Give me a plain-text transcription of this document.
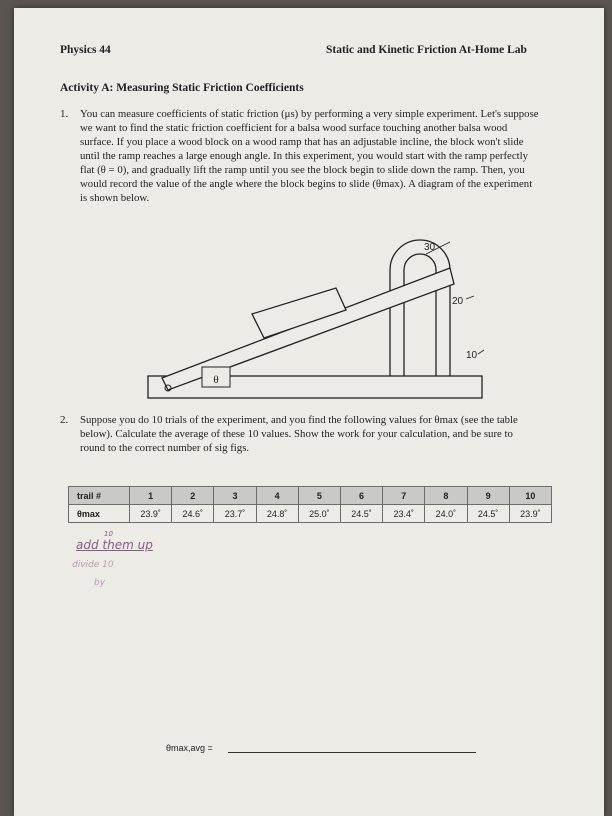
Physics 44	Static and Kinetic Friction At-Home Lab
Activity A: Measuring Static Friction Coefficients
1. You can measure coefficients of static friction (μs) by performing a very simple experiment. Let's suppose we want to find the static friction coefficient for a balsa wood surface touching another balsa wood surface. If you place a wood block on a wood ramp that has an adjustable incline, the block won't slide until the ramp reaches a large enough angle. In this experiment, you would start with the ramp perfectly flat (θ = 0), and gradually lift the ramp until you see the block begin to slide down the ramp. Then, you would record the value of the angle where the block begins to slide (θmax). A diagram of the experiment is shown below.

θ
30
20
10
2. Suppose you do 10 trials of the experiment, and you find the following values for θmax (see the table below). Calculate the average of these 10 values. Show the work for your calculation, and be sure to round to the correct number of sig figs.

trail #	1	2	3	4	5	6	7	8	9	10
θmax	23.9˚	24.6˚	23.7˚	24.8˚	25.0˚	24.5˚	23.4˚	24.0˚	24.5˚	23.9˚
add them up
10
divide 10
by
θmax,avg =
